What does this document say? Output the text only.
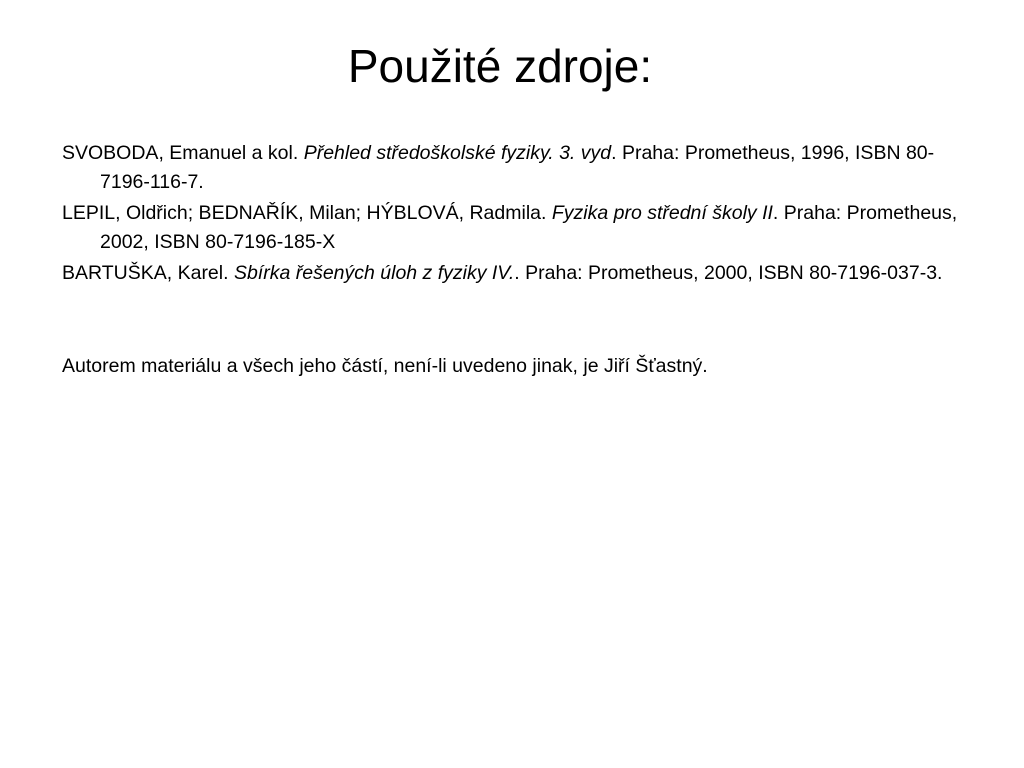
Použité zdroje:
SVOBODA, Emanuel a kol. Přehled středoškolské fyziky. 3. vyd. Praha: Prometheus, 1996, ISBN 80-7196-116-7.
LEPIL, Oldřich; BEDNAŘÍK, Milan; HÝBLOVÁ, Radmila. Fyzika pro střední školy II. Praha: Prometheus, 2002, ISBN 80-7196-185-X
BARTUŠKA, Karel. Sbírka řešených úloh z fyziky IV.. Praha: Prometheus, 2000, ISBN 80-7196-037-3.

Autorem materiálu a všech jeho částí, není-li uvedeno jinak, je Jiří Šťastný.
